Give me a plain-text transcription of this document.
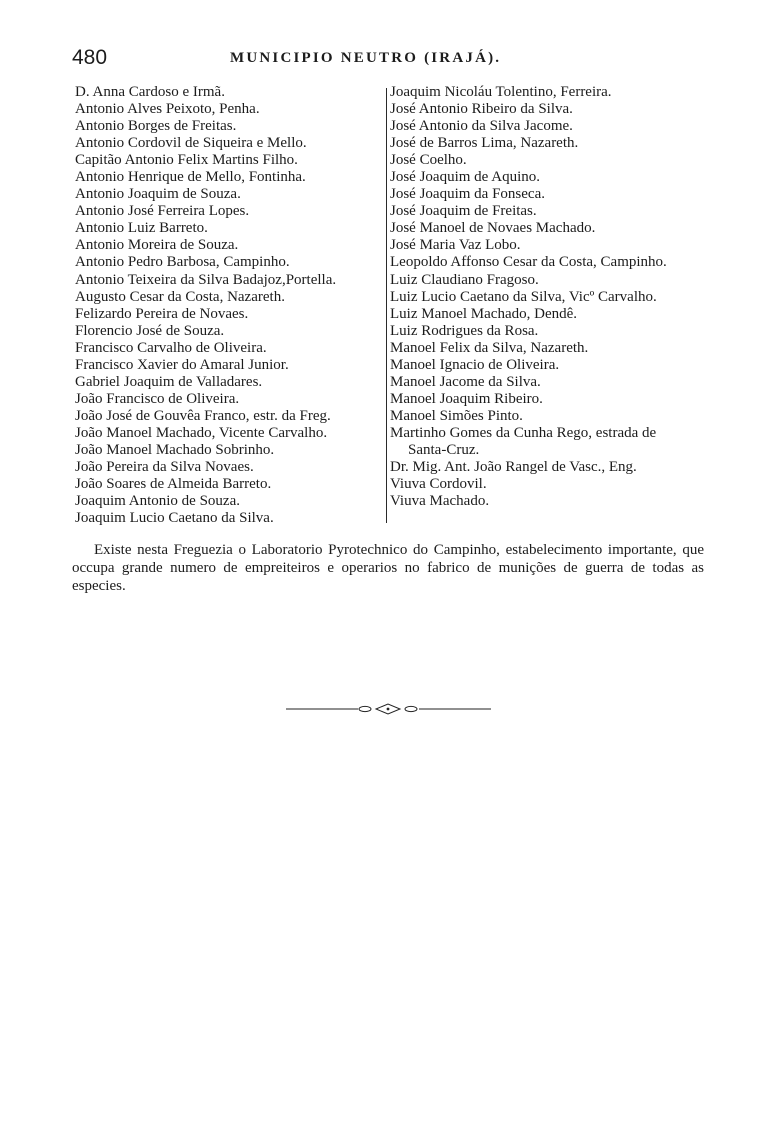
480	MUNICIPIO NEUTRO (IRAJÁ).
D. Anna Cardoso e Irmã.
Antonio Alves Peixoto, Penha.
Antonio Borges de Freitas.
Antonio Cordovil de Siqueira e Mello.
Capitão Antonio Felix Martins Filho.
Antonio Henrique de Mello, Fontinha.
Antonio Joaquim de Souza.
Antonio José Ferreira Lopes.
Antonio Luiz Barreto.
Antonio Moreira de Souza.
Antonio Pedro Barbosa, Campinho.
Antonio Teixeira da Silva Badajoz,Portella.
Augusto Cesar da Costa, Nazareth.
Felizardo Pereira de Novaes.
Florencio José de Souza.
Francisco Carvalho de Oliveira.
Francisco Xavier do Amaral Junior.
Gabriel Joaquim de Valladares.
João Francisco de Oliveira.
João José de Gouvêa Franco, estr. da Freg.
João Manoel Machado, Vicente Carvalho.
João Manoel Machado Sobrinho.
João Pereira da Silva Novaes.
João Soares de Almeida Barreto.
Joaquim Antonio de Souza.
Joaquim Lucio Caetano da Silva.
Joaquim Nicoláu Tolentino, Ferreira.
José Antonio Ribeiro da Silva.
José Antonio da Silva Jacome.
José de Barros Lima, Nazareth.
José Coelho.
José Joaquim de Aquino.
José Joaquim da Fonseca.
José Joaquim de Freitas.
José Manoel de Novaes Machado.
José Maria Vaz Lobo.
Leopoldo Affonso Cesar da Costa, Campinho.
Luiz Claudiano Fragoso.
Luiz Lucio Caetano da Silva, Vicº Carvalho.
Luiz Manoel Machado, Dendê.
Luiz Rodrigues da Rosa.
Manoel Felix da Silva, Nazareth.
Manoel Ignacio de Oliveira.
Manoel Jacome da Silva.
Manoel Joaquim Ribeiro.
Manoel Simões Pinto.
Martinho Gomes da Cunha Rego, estrada de
Santa-Cruz.
Dr. Mig. Ant. João Rangel de Vasc., Eng.
Viuva Cordovil.
Viuva Machado.
Existe nesta Freguezia o Laboratorio Pyrotechnico do Campinho, estabelecimento importante, que occupa grande numero de empreiteiros e operarios no fabrico de munições de guerra de todas as especies.
